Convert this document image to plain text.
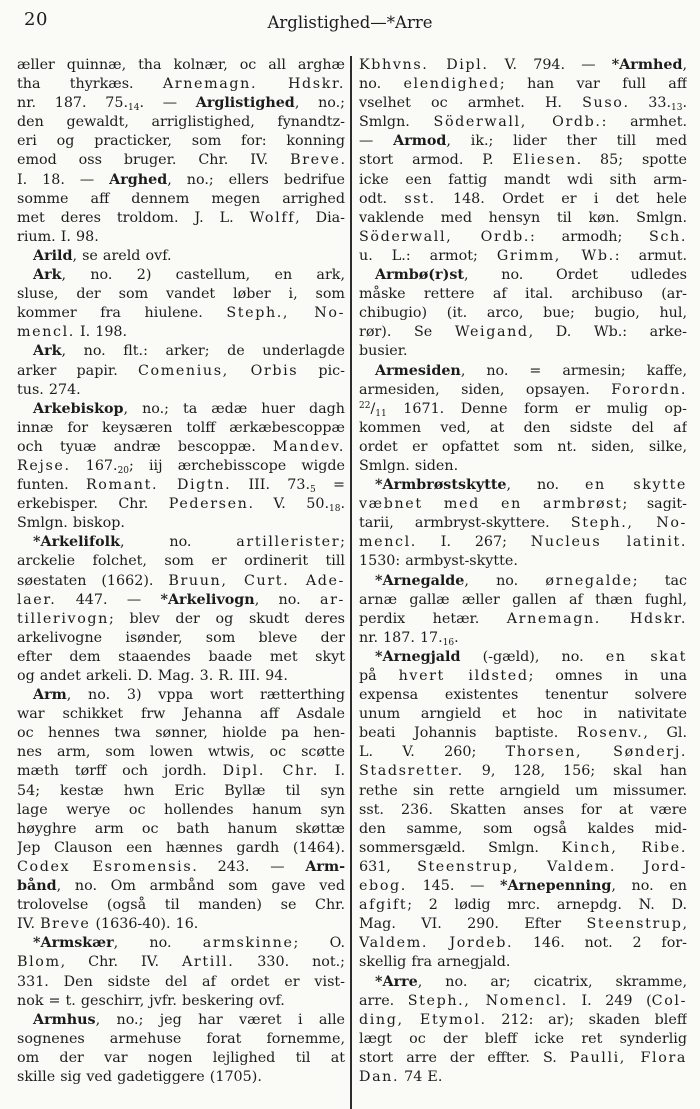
20	Arglistighed—*Arre
æller quinnæ, tha kolnær, oc all arghæ
tha thyrkæs. Arnemagn. Hdskr.
nr. 187. $75._{14}$. — Arglistighed, no.;
den gewaldt, arriglistighed, fynandtz-
eri og practicker, som for: konning
emod oss bruger. Chr. IV. Breve.
I. 18. — Arghed, no.; ellers bedrifue
somme aff dennem megen arrighed
met deres troldom. J. L. Wolff, Dia-
rium. I. 98.
Arild, se areld ovf.
Ark, no. 2) castellum, en ark,
sluse, der som vandet løber i, som
kommer fra hiulene. Steph., No-
mencl. I. 198.
Ark, no. flt.: arker; de underlagde
arker papir. Comenius, Orbis pic-
tus. 274.
Arkebiskop, no.; ta ædæ huer dagh
innæ for keysæren tolff ærkæbescoppæ
och tyuæ andræ bescoppæ. Mandev.
Rejse. $167._{20}$; iij ærchebisscope wigde
funten. Romant. Digtn. III. $73._5$ =
erkebisper. Chr. Pedersen. V. $50._{18}$.
Smlgn. biskop.
*Arkelifolk, no. artillerister;
arckelie folchet, som er ordinerit till
søestaten (1662). Bruun, Curt. Ade-
laer. 447. — *Arkelivogn, no. ar-
tillerivogn; blev der og skudt deres
arkelivogne isønder, som bleve der
efter dem staaendes baade met skyt
og andet arkeli. D. Mag. 3. R. III. 94.
Arm, no. 3) vppa wort rætterthing
war schikket frw Jehanna aff Asdale
oc hennes twa sønner, hiolde pa hen-
nes arm, som lowen wtwis, oc scøtte
mæth tørff och jordh. Dipl. Chr. I.
54; kestæ hwn Eric Byllæ til syn
lage werye oc hollendes hanum syn
høyghre arm oc bath hanum skøttæ
Jep Clauson een hænnes gardh (1464).
Codex Esromensis. 243. — Arm-
bånd, no. Om armbånd som gave ved
trolovelse (også til manden) se Chr.
IV. Breve (1636-40). 16.
*Armskær, no. armskinne; O.
Blom, Chr. IV. Artill. 330. not.;
331. Den sidste del af ordet er vist-
nok = t. geschirr, jvfr. beskering ovf.
Armhus, no.; jeg har været i alle
sognenes armehuse forat fornemme,
om der var nogen lejlighed til at
skille sig ved gadetiggere (1705).
Kbhvns. Dipl. V. 794. — *Armhed,
no. elendighed; han var full aff
vselhet oc armhet. H. Suso. $33._{13}$.
Smlgn. Söderwall, Ordb.: armhet.
— Armod, ik.; lider ther till med
stort armod. P. Eliesen. 85; spotte
icke een fattig mandt wdi sith arm-
odt. sst. 148. Ordet er i det hele
vaklende med hensyn til køn. Smlgn.
Söderwall, Ordb.: armodh; Sch.
u. L.: armot; Grimm, Wb.: armut.
Armbø(r)st, no. Ordet udledes
måske rettere af ital. archibuso (ar-
chibugio) (it. arco, bue; bugio, hul,
rør). Se Weigand, D. Wb.: arke-
busier.
Armesiden, no. = armesin; kaffe,
armesiden, siden, opsayen. Forordn.
$^{22}/_{11}$ 1671. Denne form er mulig op-
kommen ved, at den sidste del af
ordet er opfattet som nt. siden, silke,
Smlgn. siden.
*Armbrøstskytte, no. en skytte
væbnet med en armbrøst; sagit-
tarii, armbryst-skyttere. Steph., No-
mencl. I. 267; Nucleus latinit.
1530: armbyst-skytte.
*Arnegalde, no. ørnegalde; tac
arnæ gallæ æller gallen af thæn fughl,
perdix hetær. Arnemagn. Hdskr.
nr. 187. $17._{16}$.
*Arnegjald (-gæld), no. en skat
på hvert ildsted; omnes in una
expensa existentes tenentur solvere
unum arngield et hoc in nativitate
beati Johannis baptiste. Rosenv., Gl.
L. V. 260; Thorsen, Sønderj.
Stadsretter. 9, 128, 156; skal han
rethe sin rette arngield um missumer.
sst. 236. Skatten anses for at være
den samme, som også kaldes mid-
sommersgæld. Smlgn. Kinch, Ribe.
631, Steenstrup, Valdem. Jord-
ebog. 145. — *Arnepenning, no. en
afgift; 2 lødig mrc. arnepdg. N. D.
Mag. VI. 290. Efter Steenstrup,
Valdem. Jordeb. 146. not. 2 for-
skellig fra arnegjald.
*Arre, no. ar; cicatrix, skramme,
arre. Steph., Nomencl. I. 249 (Col-
ding, Etymol. 212: ar); skaden bleff
lægt oc der bleff icke ret synderlig
stort arre der effter. S. Paulli, Flora
Dan. 74 E.
